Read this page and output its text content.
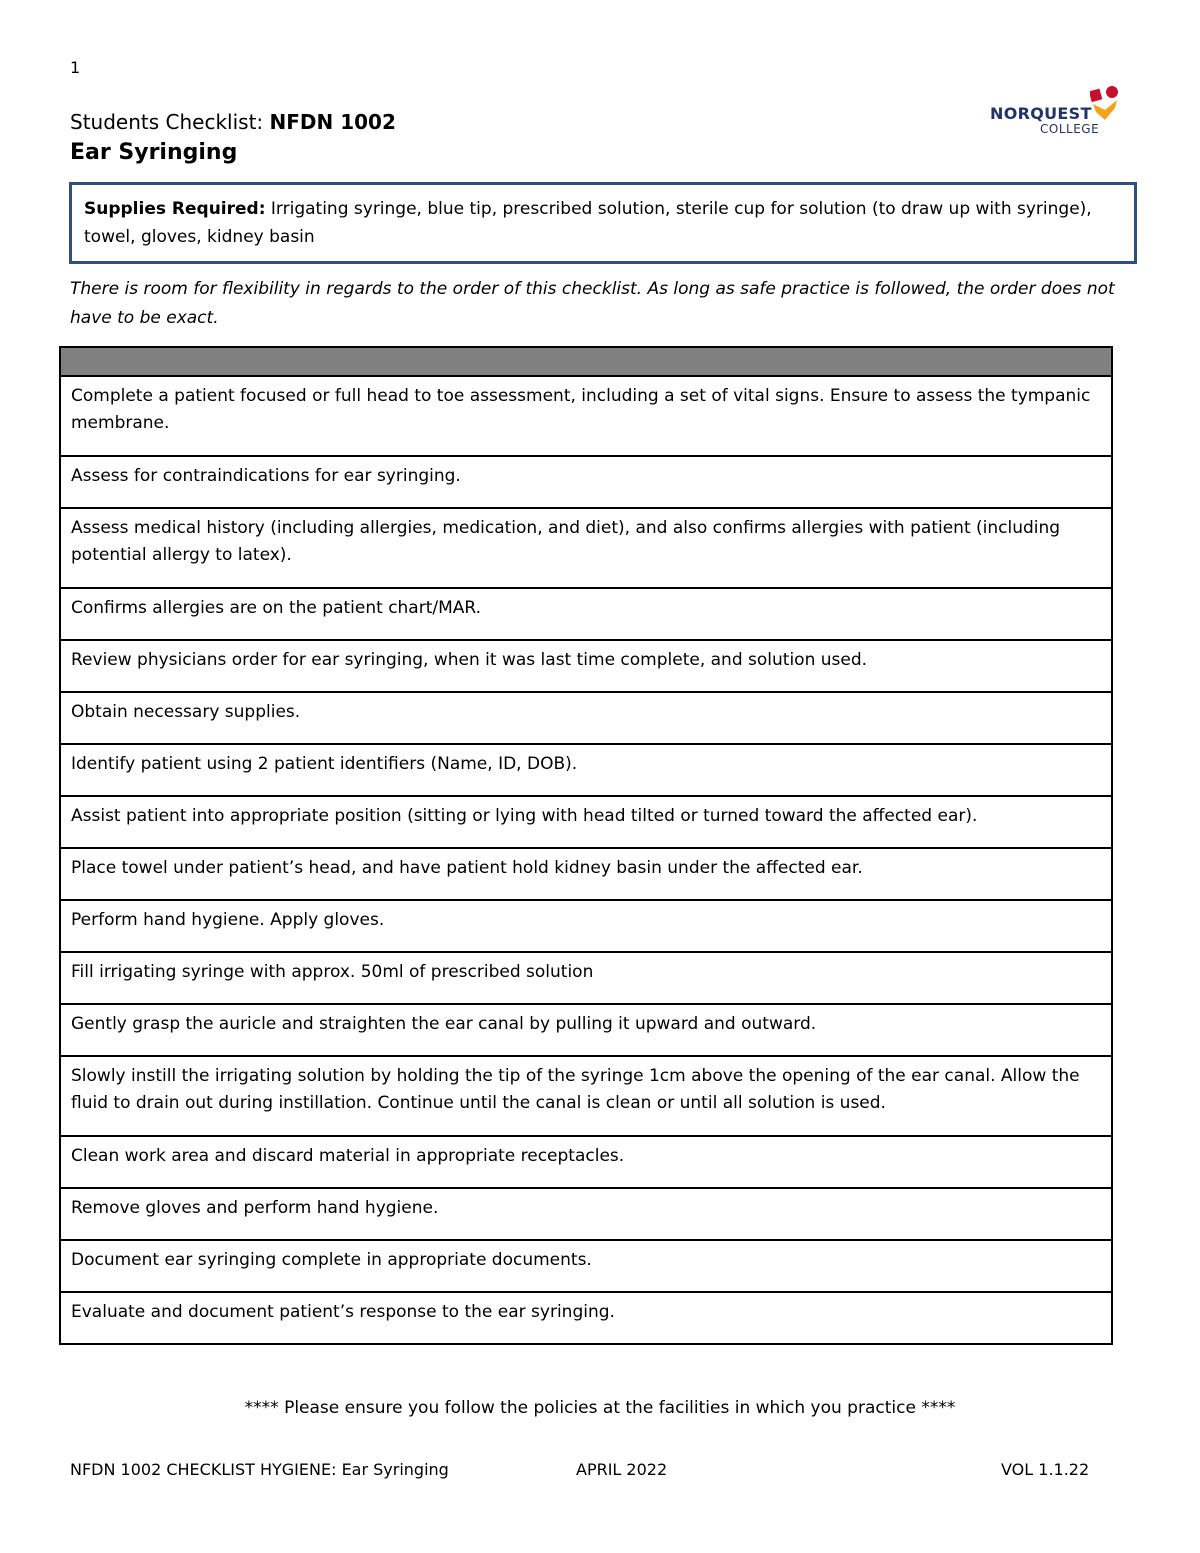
1
Students Checklist: NFDN 1002
Ear Syringing
NORQUEST
COLLEGE
Supplies Required: Irrigating syringe, blue tip, prescribed solution, sterile cup for solution (to draw up with syringe), towel, gloves, kidney basin
There is room for flexibility in regards to the order of this checklist. As long as safe practice is followed, the order does not have to be exact.
Complete a patient focused or full head to toe assessment, including a set of vital signs. Ensure to assess the tympanic membrane.
Assess for contraindications for ear syringing.
Assess medical history (including allergies, medication, and diet), and also confirms allergies with patient (including potential allergy to latex).
Confirms allergies are on the patient chart/MAR.
Review physicians order for ear syringing, when it was last time complete, and solution used.
Obtain necessary supplies.
Identify patient using 2 patient identifiers (Name, ID, DOB).
Assist patient into appropriate position (sitting or lying with head tilted or turned toward the affected ear).
Place towel under patient’s head, and have patient hold kidney basin under the affected ear.
Perform hand hygiene. Apply gloves.
Fill irrigating syringe with approx. 50ml of prescribed solution
Gently grasp the auricle and straighten the ear canal by pulling it upward and outward.
Slowly instill the irrigating solution by holding the tip of the syringe 1cm above the opening of the ear canal. Allow the fluid to drain out during instillation. Continue until the canal is clean or until all solution is used.
Clean work area and discard material in appropriate receptacles.
Remove gloves and perform hand hygiene.
Document ear syringing complete in appropriate documents.
Evaluate and document patient’s response to the ear syringing.
**** Please ensure you follow the policies at the facilities in which you practice ****
NFDN 1002 CHECKLIST HYGIENE: Ear Syringing	APRIL 2022	VOL 1.1.22
